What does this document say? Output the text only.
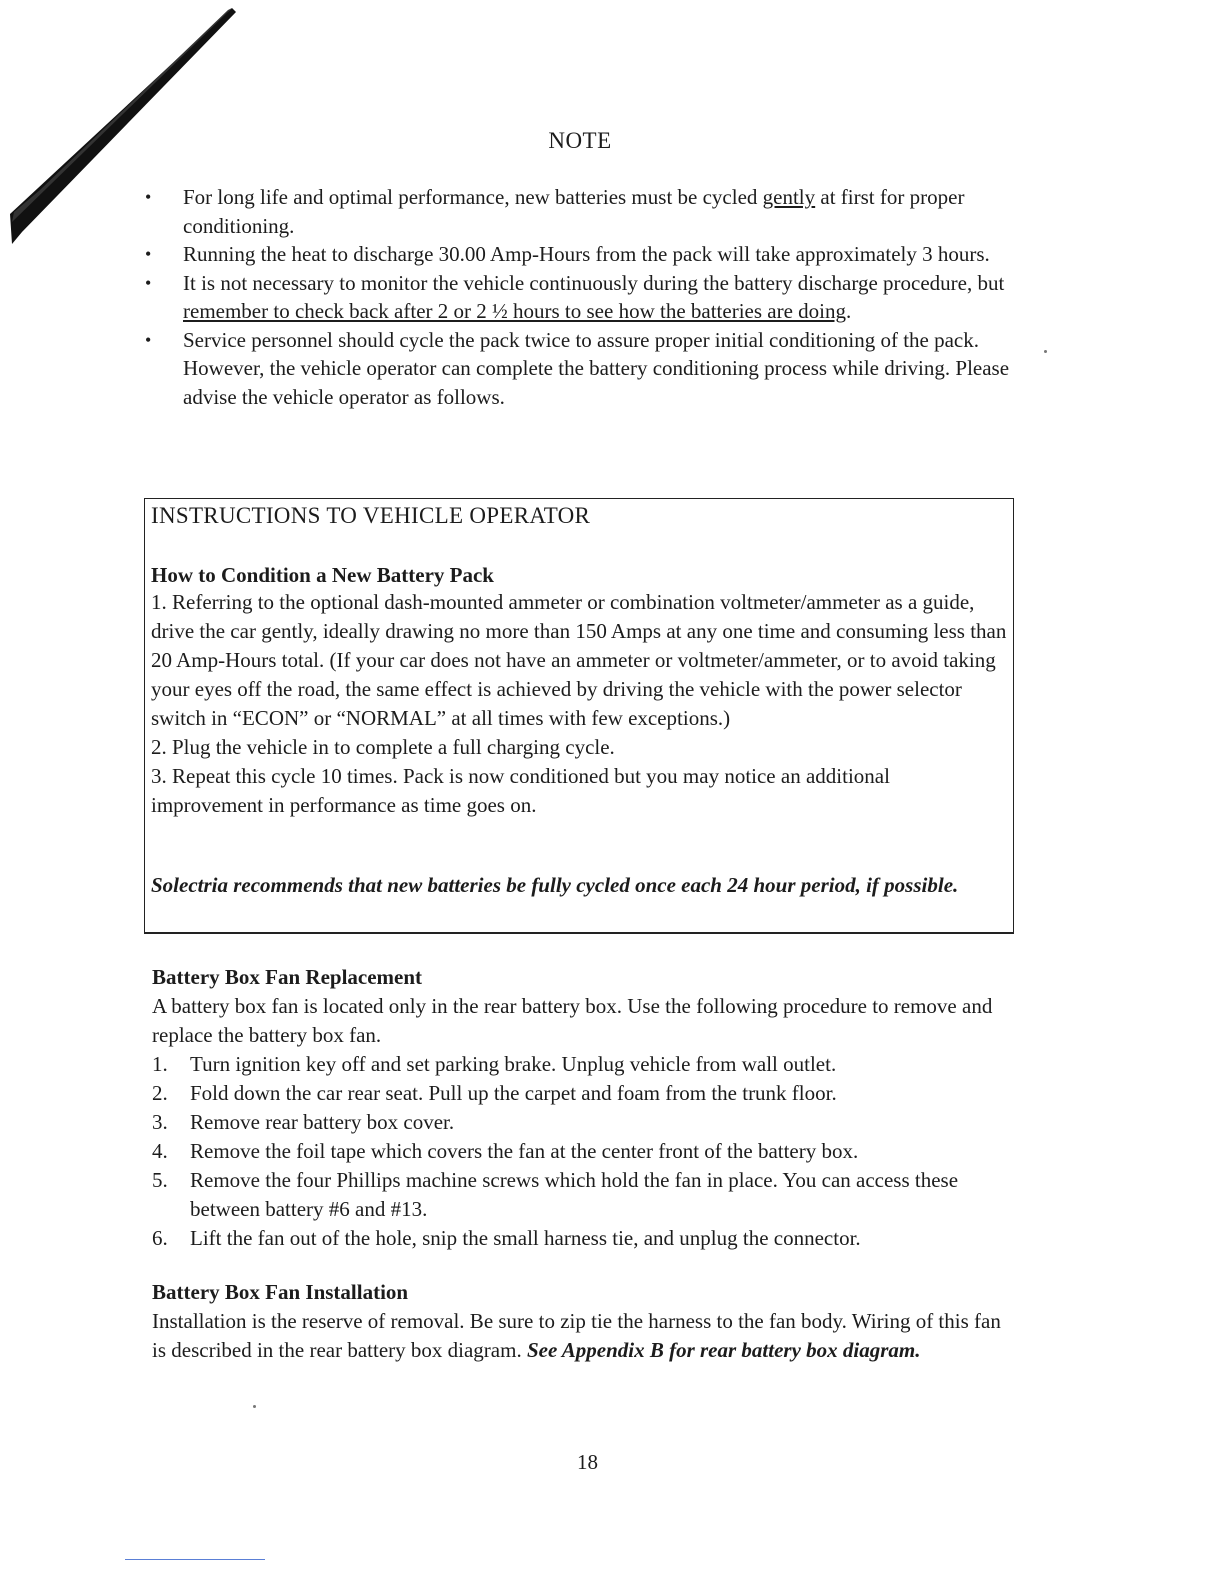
NOTE
• For long life and optimal performance, new batteries must be cycled gently at first for proper conditioning.
• Running the heat to discharge 30.00 Amp-Hours from the pack will take approximately 3 hours.
• It is not necessary to monitor the vehicle continuously during the battery discharge procedure, but remember to check back after 2 or 2 ½ hours to see how the batteries are doing.
• Service personnel should cycle the pack twice to assure proper initial conditioning of the pack. However, the vehicle operator can complete the battery conditioning process while driving. Please advise the vehicle operator as follows.
INSTRUCTIONS TO VEHICLE OPERATOR
How to Condition a New Battery Pack

1. Referring to the optional dash-mounted ammeter or combination voltmeter/ammeter as a guide, drive the car gently, ideally drawing no more than 150 Amps at any one time and consuming less than 20 Amp-Hours total. (If your car does not have an ammeter or voltmeter/ammeter, or to avoid taking your eyes off the road, the same effect is achieved by driving the vehicle with the power selector switch in “ECON” or “NORMAL” at all times with few exceptions.)

2. Plug the vehicle in to complete a full charging cycle.

3. Repeat this cycle 10 times. Pack is now conditioned but you may notice an additional improvement in performance as time goes on.

Solectria recommends that new batteries be fully cycled once each 24 hour period, if possible.
Battery Box Fan Replacement

A battery box fan is located only in the rear battery box. Use the following procedure to remove and replace the battery box fan.

1. Turn ignition key off and set parking brake. Unplug vehicle from wall outlet.
2. Fold down the car rear seat. Pull up the carpet and foam from the trunk floor.
3. Remove rear battery box cover.
4. Remove the foil tape which covers the fan at the center front of the battery box.
5. Remove the four Phillips machine screws which hold the fan in place. You can access these between battery #6 and #13.
6. Lift the fan out of the hole, snip the small harness tie, and unplug the connector.
Battery Box Fan Installation

Installation is the reserve of removal. Be sure to zip tie the harness to the fan body. Wiring of this fan is described in the rear battery box diagram. See Appendix B for rear battery box diagram.

18
